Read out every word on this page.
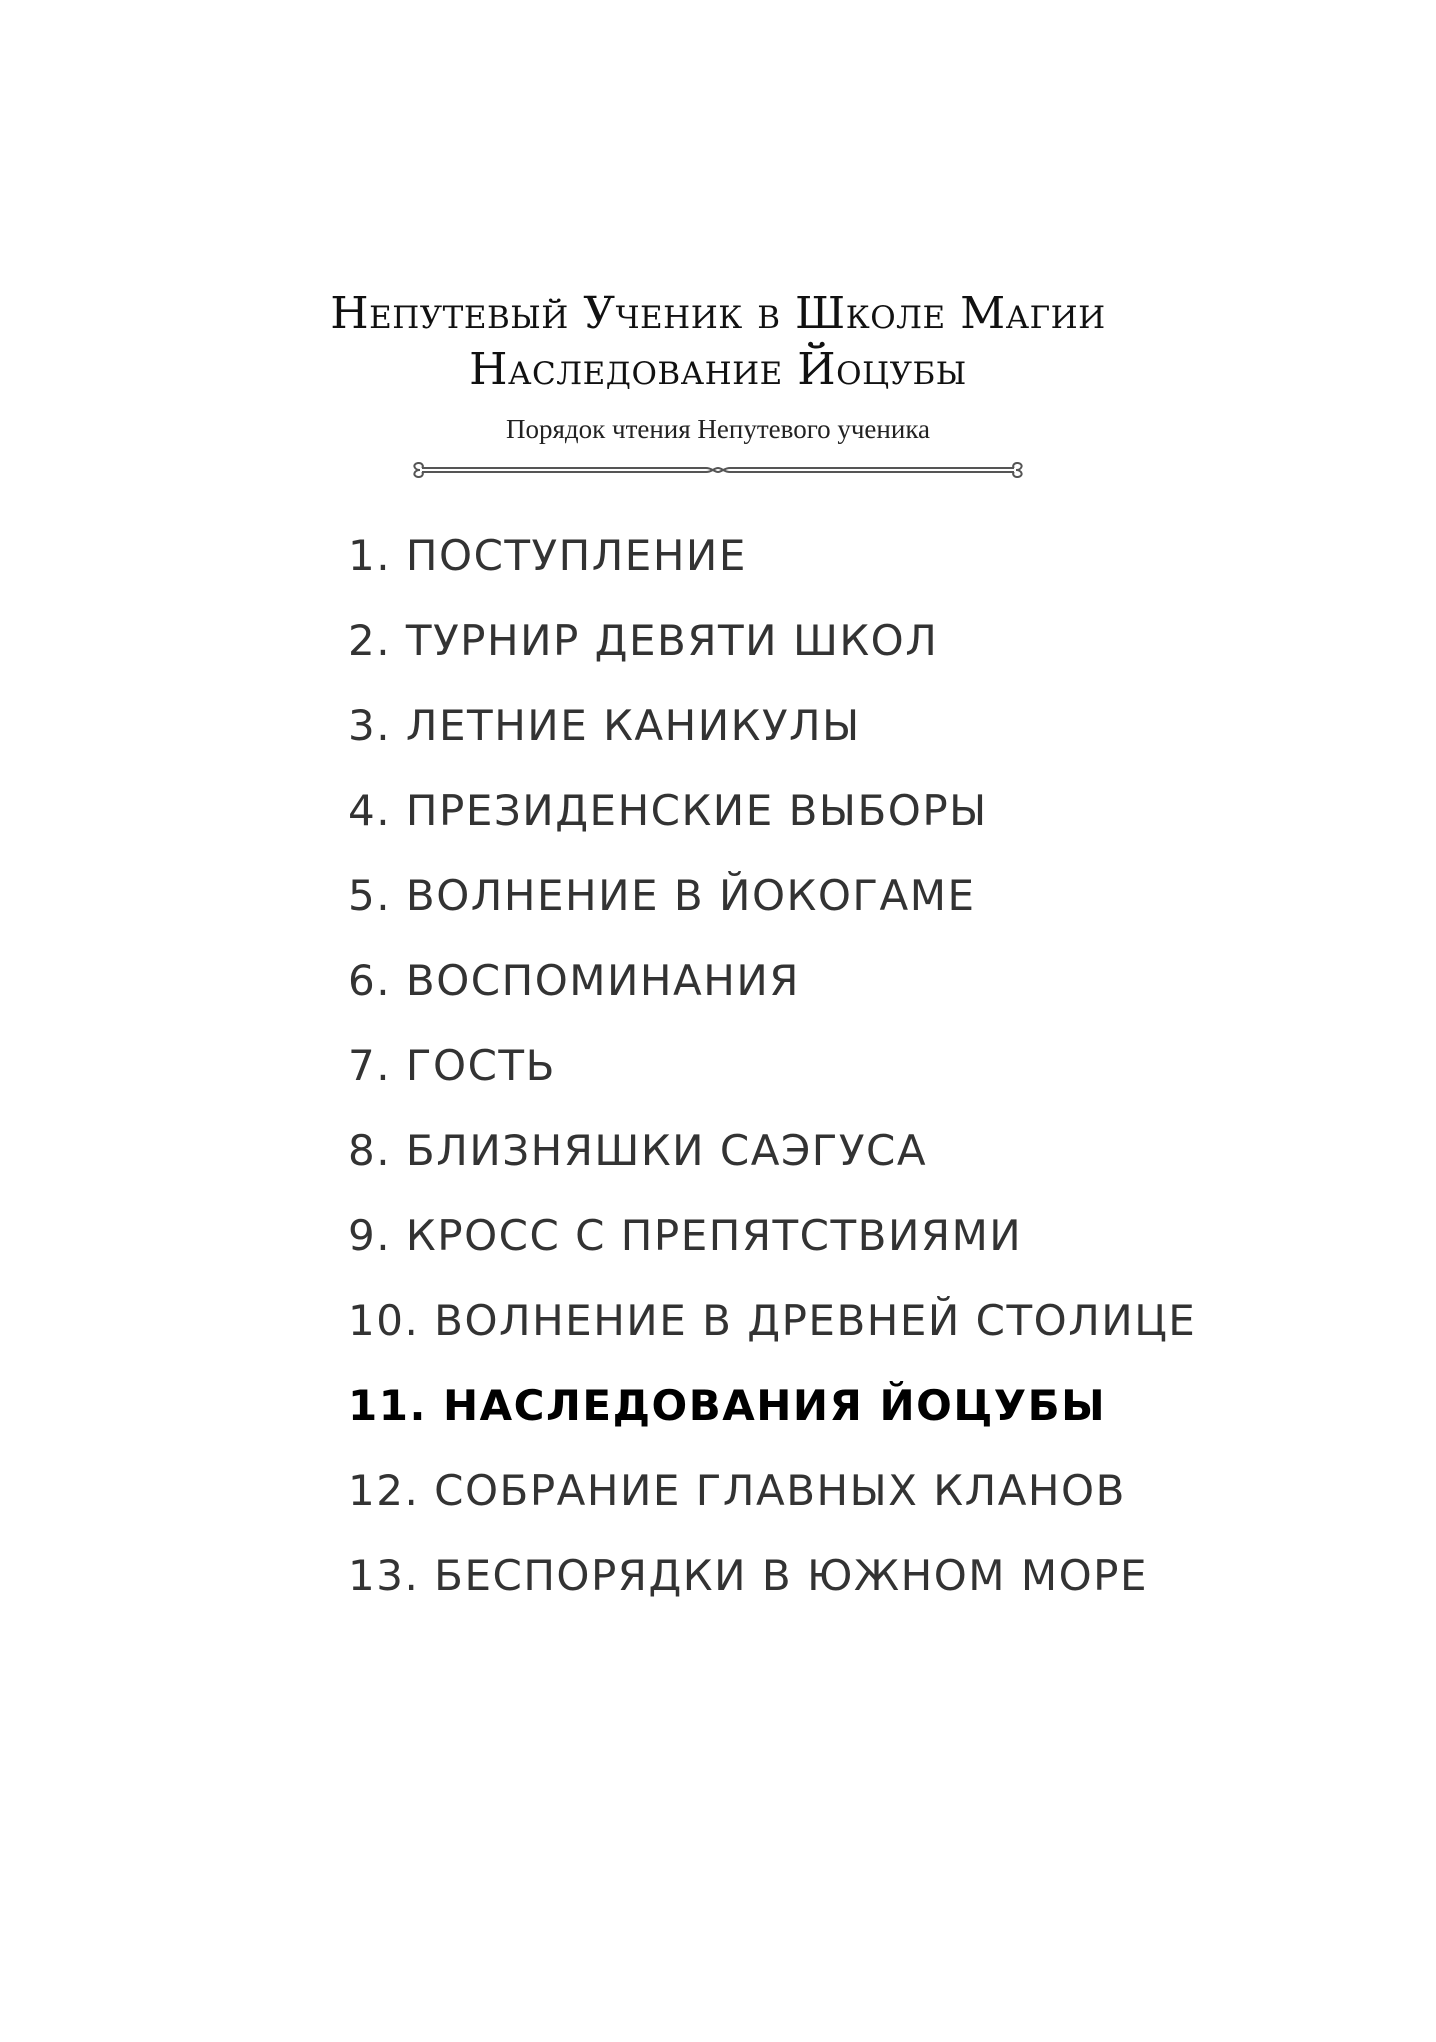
Непутевый Ученик в Школе Магии
Наследование Йоцубы
Порядок чтения Непутевого ученика
1. ПОСТУПЛЕНИЕ
2. ТУРНИР ДЕВЯТИ ШКОЛ
3. ЛЕТНИЕ КАНИКУЛЫ
4. ПРЕЗИДЕНСКИЕ ВЫБОРЫ
5. ВОЛНЕНИЕ В ЙОКОГАМЕ
6. ВОСПОМИНАНИЯ
7. ГОСТЬ
8. БЛИЗНЯШКИ САЭГУСА
9. КРОСС С ПРЕПЯТСТВИЯМИ
10. ВОЛНЕНИЕ В ДРЕВНЕЙ СТОЛИЦЕ
11. НАСЛЕДОВАНИЯ ЙОЦУБЫ
12. СОБРАНИЕ ГЛАВНЫХ КЛАНОВ
13. БЕСПОРЯДКИ В ЮЖНОМ МОРЕ
